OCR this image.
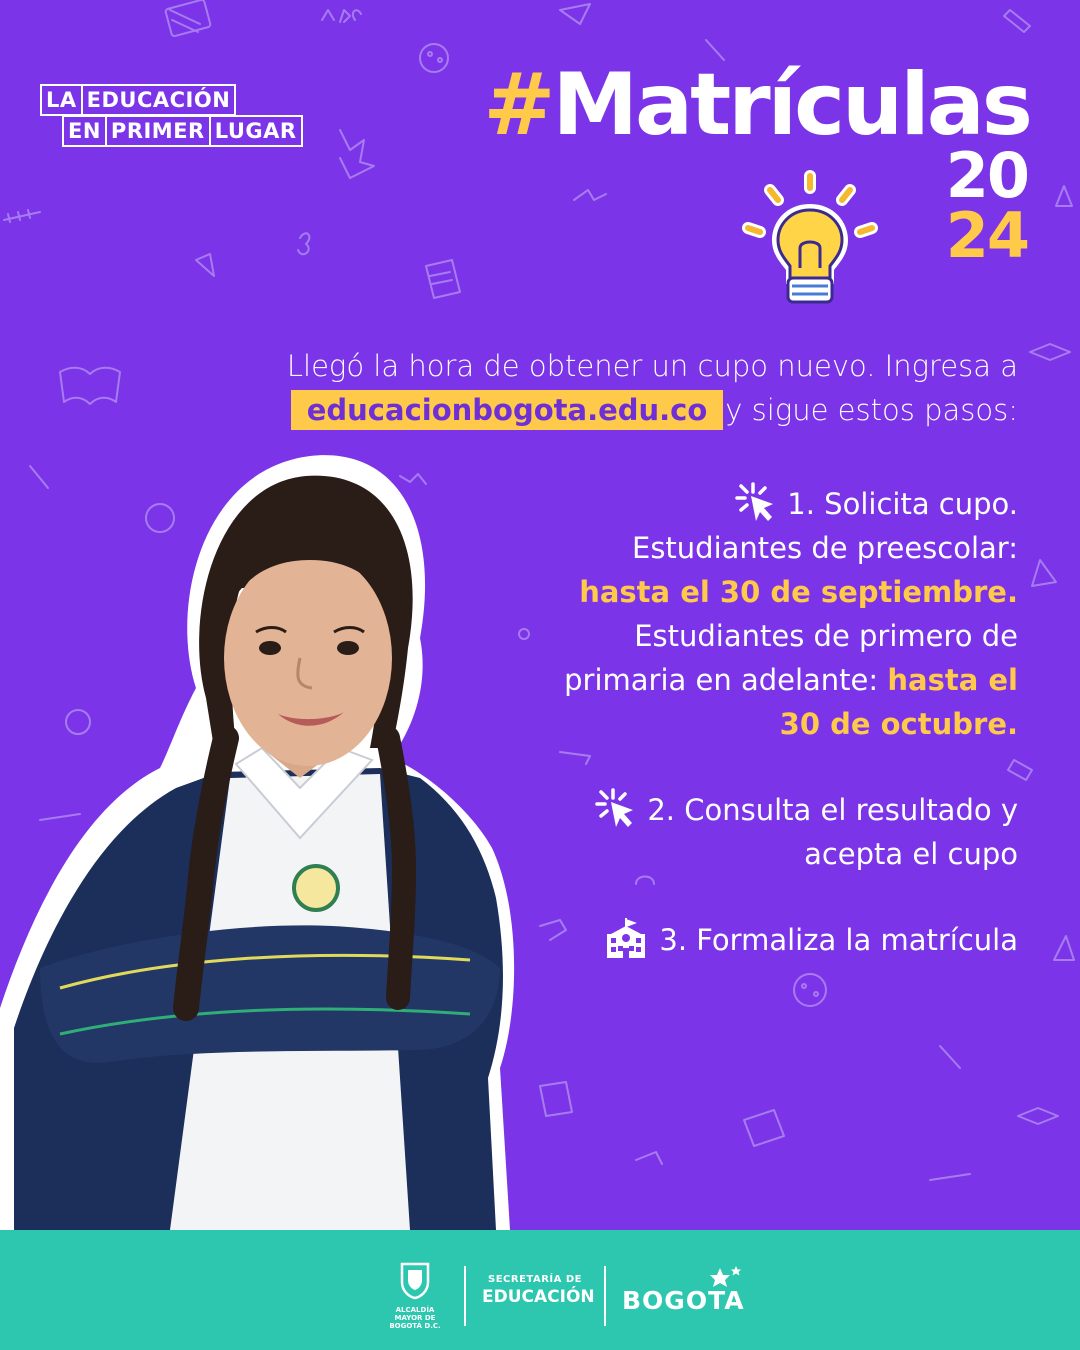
LA EDUCACIÓN
EN PRIMER LUGAR #Matrículas
20
24
Llegó la hora de obtener un cupo nuevo. Ingresa a
educacionbogota.edu.co y sigue estos pasos:
1. Solicita cupo.
Estudiantes de preescolar:
hasta el 30 de septiembre.
Estudiantes de primero de
primaria en adelante: hasta el
30 de octubre.
2. Consulta el resultado y
acepta el cupo
3. Formaliza la matrícula
ALCALDÍA MAYOR DE BOGOTÁ D.C.
SECRETARÍA DE
EDUCACIÓN BOGOTA
